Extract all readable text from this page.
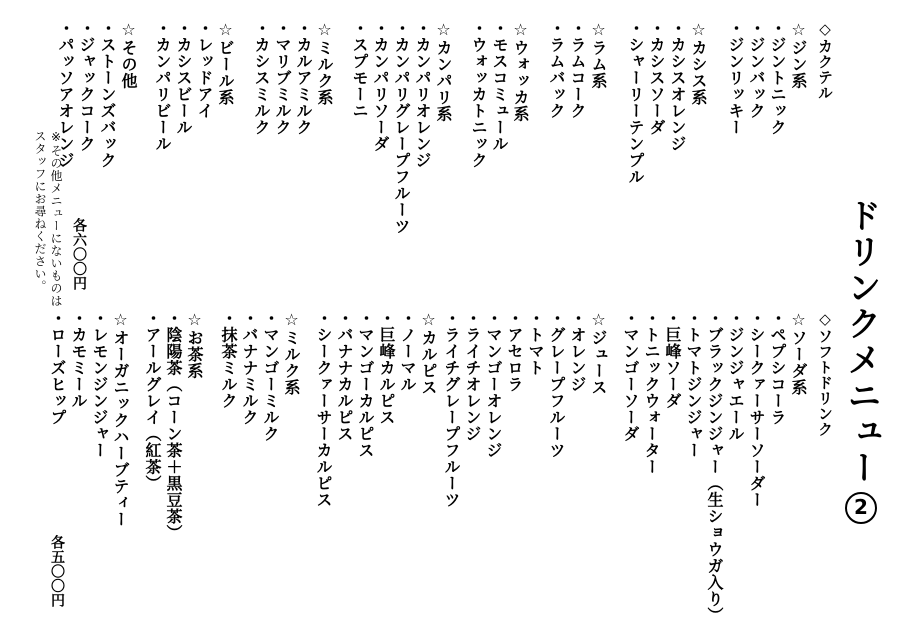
ドリンクメニュー2
◇カクテル
☆ジン系
・ジントニック
・ジンバック
・ジンリッキー
☆カシス系
・カシスオレンジ
・カシスソーダ
・シャーリーテンプル
☆ラム系
・ラムコーク
・ラムバック
☆ウォッカ系
・モスコミュール
・ウォッカトニック
☆カンパリ系
・カンパリオレンジ
・カンパリグレープフルーツ
・カンパリソーダ
・スプモーニ
☆ミルク系
・カルアミルク
・マリブミルク
・カシスミルク
☆ビール系
・レッドアイ
・カシスビール
・カンパリビール
☆その他
・ストーンズバック
・ジャックコーク
・パッソアオレンジ
※その他メニューにないものは
スタッフにお尋ねください。 各六〇〇円
◇ソフトドリンク
☆ソーダ系
・ペプシコーラ
・シークァーサーソーダー
・ジンジャエール
・ブラックジンジャー（生ショウガ入り）
・トマトジンジャー
・巨峰ソーダ
・トニックウォーター
・マンゴーソーダ
☆ジュース
・オレンジ
・グレープフルーツ
・トマト
・アセロラ
・マンゴーオレンジ
・ライチオレンジ
・ライチグレープフルーツ
☆カルピス
・ノーマル
・巨峰カルピス
・マンゴーカルピス
・バナナカルピス
・シークァーサーカルピス
☆ミルク系
・マンゴーミルク
・バナナミルク
・抹茶ミルク
☆お茶系
・陰陽茶（コーン茶＋黒豆茶）
・アールグレイ（紅茶）
☆オーガニックハーブティー
・レモンジンジャー
・カモミール
・ローズヒップ
各五〇〇円
